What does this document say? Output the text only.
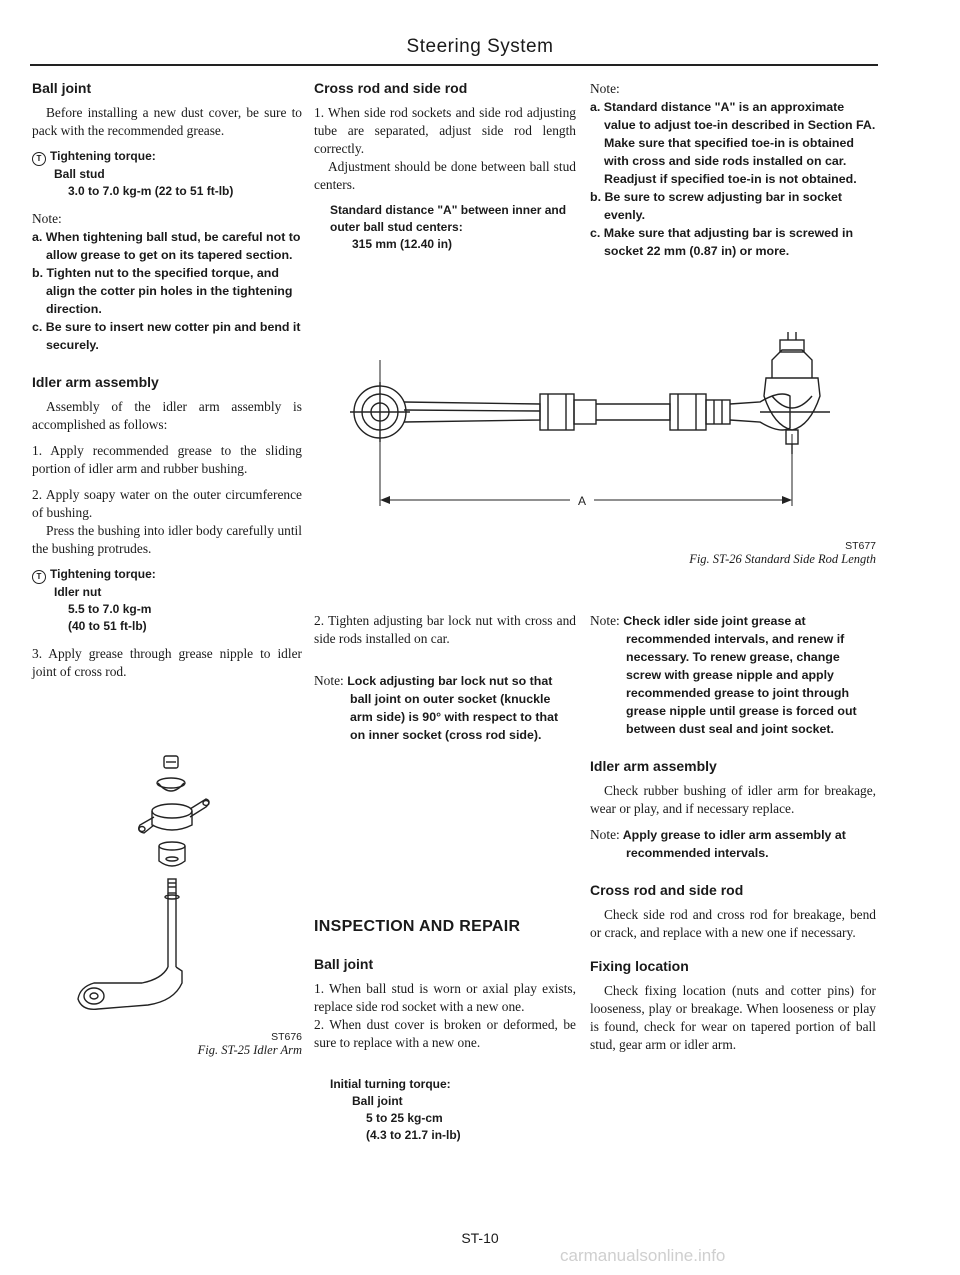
Steering System
Ball joint

Before installing a new dust cover, be sure to pack with the recommended grease.

T Tightening torque:
Ball stud
3.0 to 7.0 kg-m (22 to 51 ft-lb)
Note:
a. When tightening ball stud, be careful not to allow grease to get on its tapered section.
b. Tighten nut to the specified torque, and align the cotter pin holes in the tightening direction.
c. Be sure to insert new cotter pin and bend it securely.
Idler arm assembly

Assembly of the idler arm assembly is accomplished as follows:

1. Apply recommended grease to the sliding portion of idler arm and rubber bushing.

2. Apply soapy water on the outer circumference of bushing.

Press the bushing into idler body carefully until the bushing protrudes.

T Tightening torque:
Idler nut
5.5 to 7.0 kg-m
(40 to 51 ft-lb)

3. Apply grease through grease nipple to idler joint of cross rod.

ST676
Fig. ST-25 Idler Arm
Cross rod and side rod

1. When side rod sockets and side rod adjusting tube are separated, adjust side rod length correctly.

Adjustment should be done between ball stud centers.

Standard distance "A" between inner and outer ball stud centers:
315 mm (12.40 in)

2. Tighten adjusting bar lock nut with cross and side rods installed on car.

Note: Lock adjusting bar lock nut so that ball joint on outer socket (knuckle arm side) is 90° with respect to that on inner socket (cross rod side).
INSPECTION AND REPAIR
Ball joint

1. When ball stud is worn or axial play exists, replace side rod socket with a new one.

2. When dust cover is broken or deformed, be sure to replace with a new one.

Initial turning torque:
Ball joint
5 to 25 kg-cm
(4.3 to 21.7 in-lb)
Note:
a. Standard distance "A" is an approximate value to adjust toe-in described in Section FA.
Make sure that specified toe-in is obtained with cross and side rods installed on car.
Readjust if specified toe-in is not obtained.
b. Be sure to screw adjusting bar in socket evenly.
c. Make sure that adjusting bar is screwed in socket 22 mm (0.87 in) or more.
A
ST677
Fig. ST-26 Standard Side Rod Length
Note: Check idler side joint grease at recommended intervals, and renew if necessary. To renew grease, change screw with grease nipple and apply recommended grease to joint through grease nipple until grease is forced out between dust seal and joint socket.
Idler arm assembly

Check rubber bushing of idler arm for breakage, wear or play, and if necessary replace.

Note: Apply grease to idler arm assembly at recommended intervals.
Cross rod and side rod

Check side rod and cross rod for breakage, bend or crack, and replace with a new one if necessary.

Fixing location

Check fixing location (nuts and cotter pins) for looseness, play or breakage. When looseness or play is found, check for wear on tapered portion of ball stud, gear arm or idler arm.

ST-10
carmanualsonline.info
